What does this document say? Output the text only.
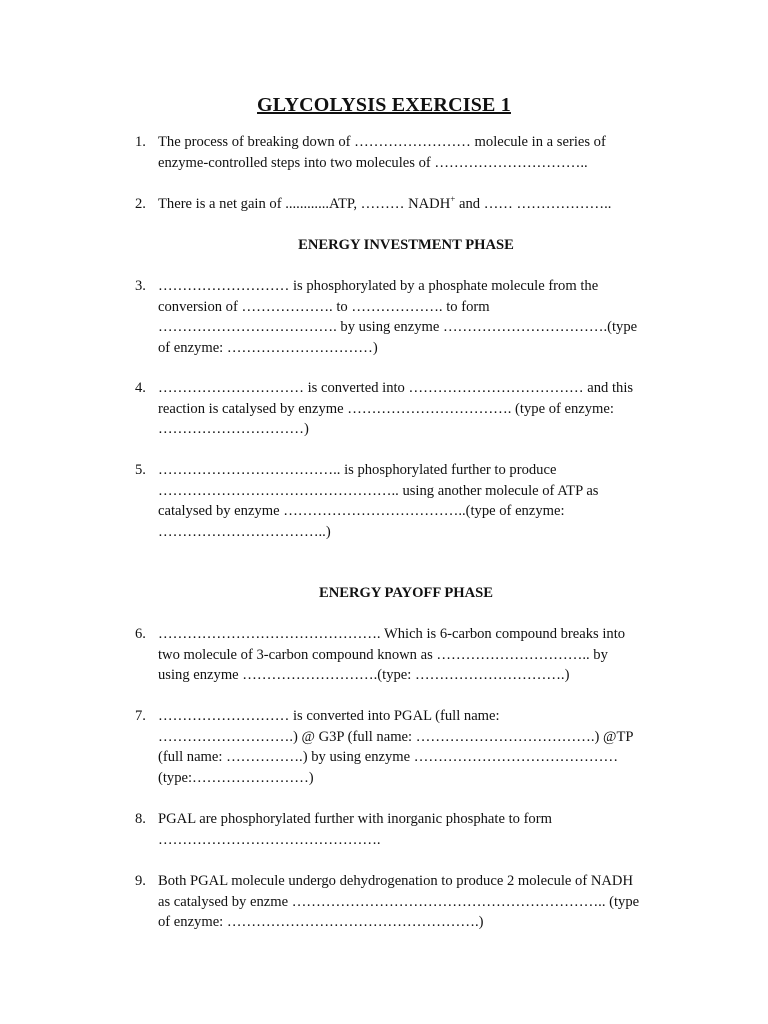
GLYCOLYSIS EXERCISE 1
1. The process of breaking down of …………………… molecule in a series of

enzyme-controlled steps into two molecules of …………………………..

2. There is a net gain of ............ATP, ……… NADH+ and …… ………………..

ENERGY INVESTMENT PHASE
3. ……………………… is phosphorylated by a phosphate molecule from the

conversion of ………………. to ………………. to form

………………………………. by using enzyme …………………………….(type

of enzyme: …………………………)

4. ………………………… is converted into ……………………………… and this

reaction is catalysed by enzyme ……………………………. (type of enzyme:

…………………………)

5. ……………………………….. is phosphorylated further to produce

………………………………………….. using another molecule of ATP as

catalysed by enzyme ………………………………..(type of enzyme:

……………………………..)

ENERGY PAYOFF PHASE
6. ………………………………………. Which is 6-carbon compound breaks into

two molecule of 3-carbon compound known as ………………………….. by

using enzyme ……………………….(type: ………………………….)

7. ……………………… is converted into PGAL (full name:

……………………….) @ G3P (full name: ……………………………….) @TP

(full name: …………….) by using enzyme ……………………………………

(type:……………………)

8. PGAL are phosphorylated further with inorganic phosphate to form

……………………………………….

9. Both PGAL molecule undergo dehydrogenation to produce 2 molecule of NADH

as catalysed by enzme ……………………………………………………….. (type

of enzyme: …………………………………………….)
